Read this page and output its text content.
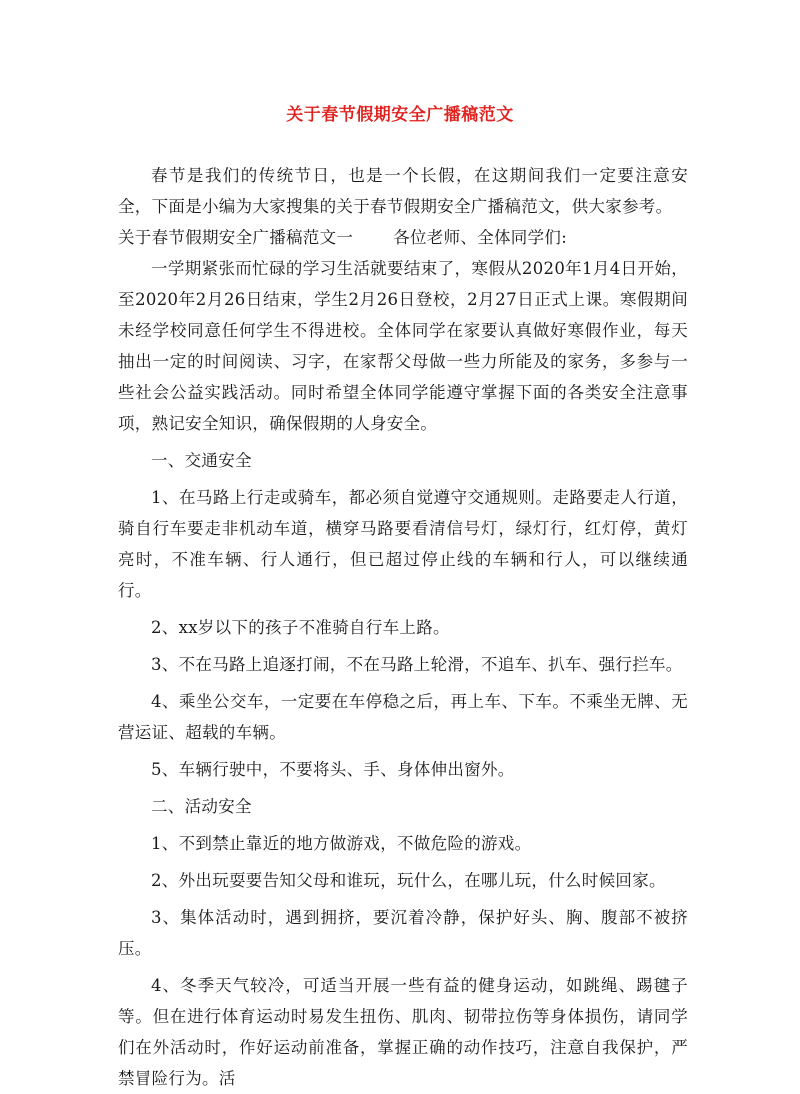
关于春节假期安全广播稿范文

春节是我们的传统节日，也是一个长假，在这期间我们一定要注意安全，下面是小编为大家搜集的关于春节假期安全广播稿范文，供大家参考。

关于春节假期安全广播稿范文一 各位老师、全体同学们:

一学期紧张而忙碌的学习生活就要结束了，寒假从2020年1月4日开始，至2020年2月26日结束，学生2月26日登校，2月27日正式上课。寒假期间未经学校同意任何学生不得进校。全体同学在家要认真做好寒假作业，每天抽出一定的时间阅读、习字，在家帮父母做一些力所能及的家务，多参与一些社会公益实践活动。同时希望全体同学能遵守掌握下面的各类安全注意事项，熟记安全知识，确保假期的人身安全。

一、交通安全

1、在马路上行走或骑车，都必须自觉遵守交通规则。走路要走人行道，骑自行车要走非机动车道，横穿马路要看清信号灯，绿灯行，红灯停，黄灯亮时，不准车辆、行人通行，但已超过停止线的车辆和行人，可以继续通行。

2、xx岁以下的孩子不准骑自行车上路。

3、不在马路上追逐打闹，不在马路上轮滑，不追车、扒车、强行拦车。

4、乘坐公交车，一定要在车停稳之后，再上车、下车。不乘坐无牌、无营运证、超载的车辆。

5、车辆行驶中，不要将头、手、身体伸出窗外。

二、活动安全

1、不到禁止靠近的地方做游戏，不做危险的游戏。

2、外出玩耍要告知父母和谁玩，玩什么，在哪儿玩，什么时候回家。

3、集体活动时，遇到拥挤，要沉着冷静，保护好头、胸、腹部不被挤压。

4、冬季天气较冷，可适当开展一些有益的健身运动，如跳绳、踢毽子等。但在进行体育运动时易发生扭伤、肌肉、韧带拉伤等身体损伤，请同学们在外活动时，作好运动前准备，掌握正确的动作技巧，注意自我保护，严禁冒险行为。活
